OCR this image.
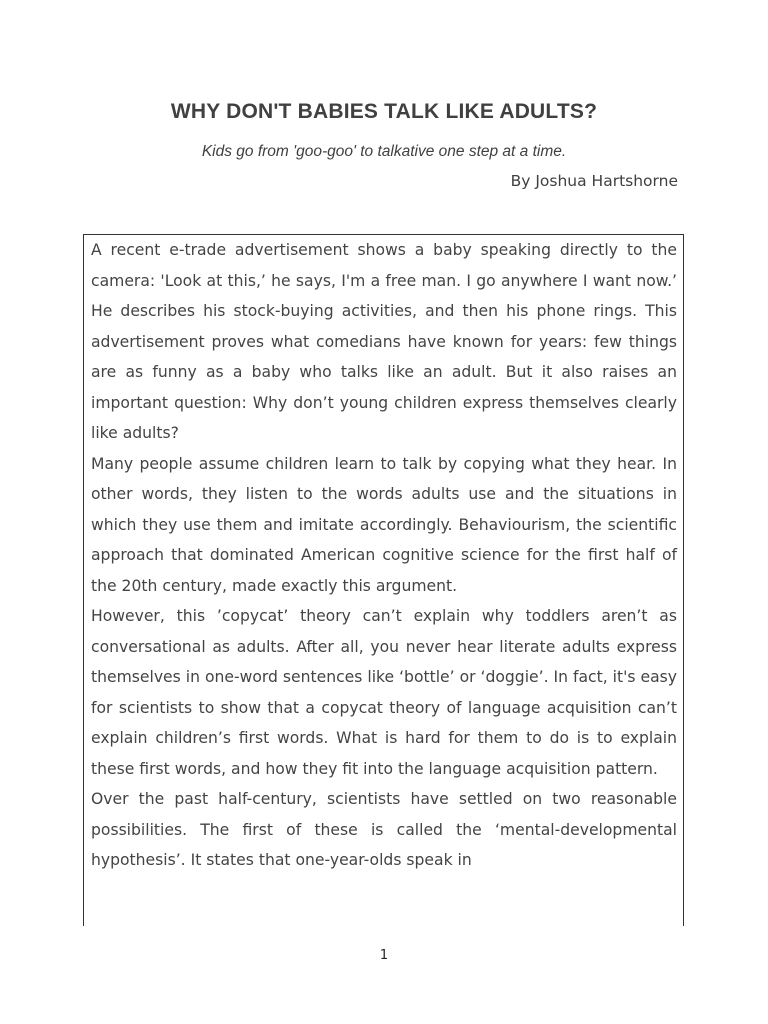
WHY DON'T BABIES TALK LIKE ADULTS?
Kids go from 'goo-goo' to talkative one step at a time.
By Joshua Hartshorne

A recent e-trade advertisement shows a baby speaking directly to the camera: 'Look at this,’ he says, I'm a free man. I go anywhere I want now.’ He describes his stock-buying activities, and then his phone rings. This advertisement proves what comedians have known for years: few things are as funny as a baby who talks like an adult. But it also raises an important question: Why don’t young children express themselves clearly like adults?

Many people assume children learn to talk by copying what they hear. In other words, they listen to the words adults use and the situations in which they use them and imitate accordingly. Behaviourism, the scientific approach that dominated American cognitive science for the first half of the 20th century, made exactly this argument.

However, this ’copycat’ theory can’t explain why toddlers aren’t as conversational as adults. After all, you never hear literate adults express themselves in one-word sentences like ‘bottle’ or ‘doggie’. In fact, it's easy for scientists to show that a copycat theory of language acquisition can’t explain children’s first words. What is hard for them to do is to explain these first words, and how they fit into the language acquisition pattern.

Over the past half-century, scientists have settled on two reasonable possibilities. The first of these is called the ‘mental-developmental hypothesis’. It states that one-year-olds speak in

1
